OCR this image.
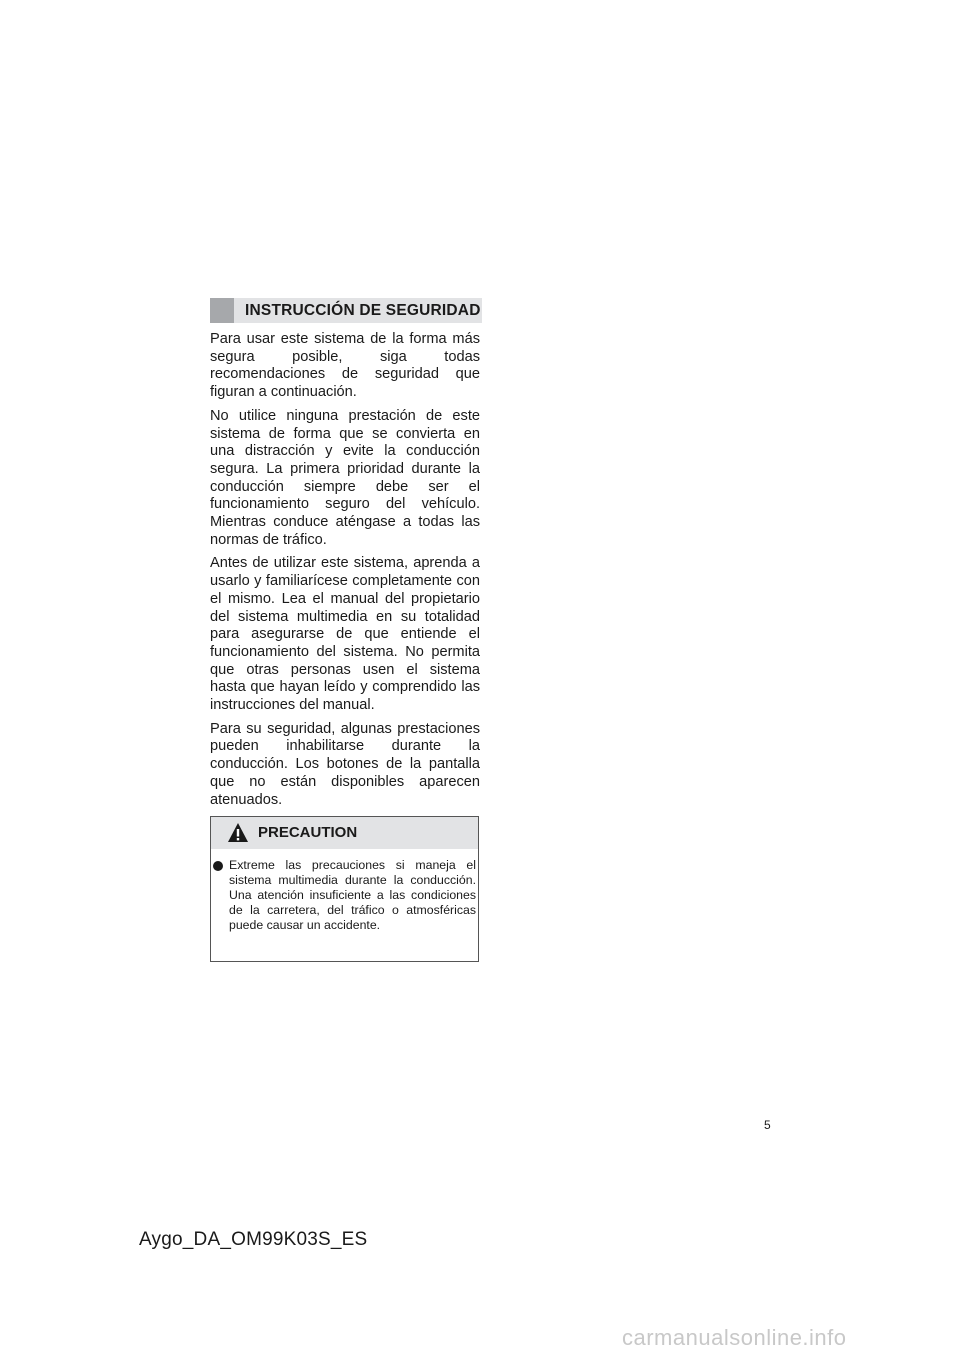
INSTRUCCIÓN DE SEGURIDAD

Para usar este sistema de la forma más segura posible, siga todas recomendaciones de seguridad que figuran a continuación.

No utilice ninguna prestación de este sistema de forma que se convierta en una distracción y evite la conducción segura. La primera prioridad durante la conducción siempre debe ser el funcionamiento seguro del vehículo. Mientras conduce aténgase a todas las normas de tráfico.

Antes de utilizar este sistema, aprenda a usarlo y familiarícese completamente con el mismo. Lea el manual del propietario del sistema multimedia en su totalidad para asegurarse de que entiende el funcionamiento del sistema. No permita que otras personas usen el sistema hasta que hayan leído y comprendido las instrucciones del manual.

Para su seguridad, algunas prestaciones pueden inhabilitarse durante la conducción. Los botones de la pantalla que no están disponibles aparecen atenuados.

PRECAUTION
Extreme las precauciones si maneja el sistema multimedia durante la conducción. Una atención insuficiente a las condiciones de la carretera, del tráfico o atmosféricas puede causar un accidente.
5
Aygo_DA_OM99K03S_ES
carmanualsonline.info
